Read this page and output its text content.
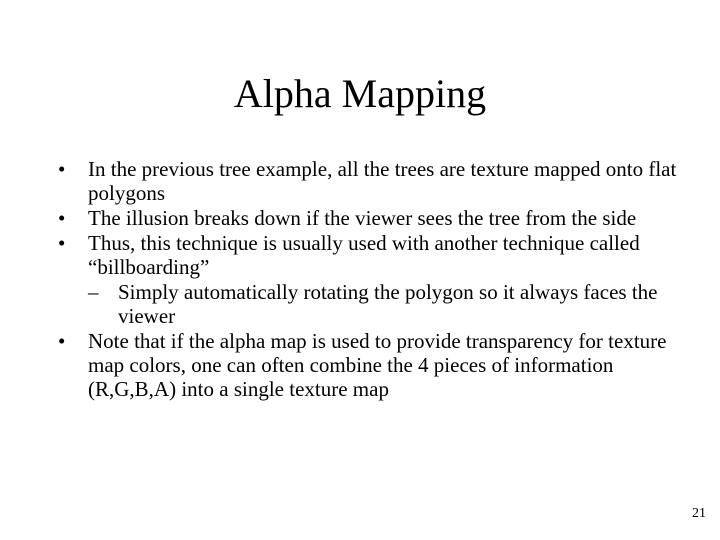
Alpha Mapping
•	In the previous tree example, all the trees are texture mapped onto flat polygons
•	The illusion breaks down if the viewer sees the tree from the side
•	Thus, this technique is usually used with another technique called “billboarding”
– Simply automatically rotating the polygon so it always faces the viewer
•	Note that if the alpha map is used to provide transparency for texture map colors, one can often combine the 4 pieces of information (R,G,B,A) into a single texture map
21
